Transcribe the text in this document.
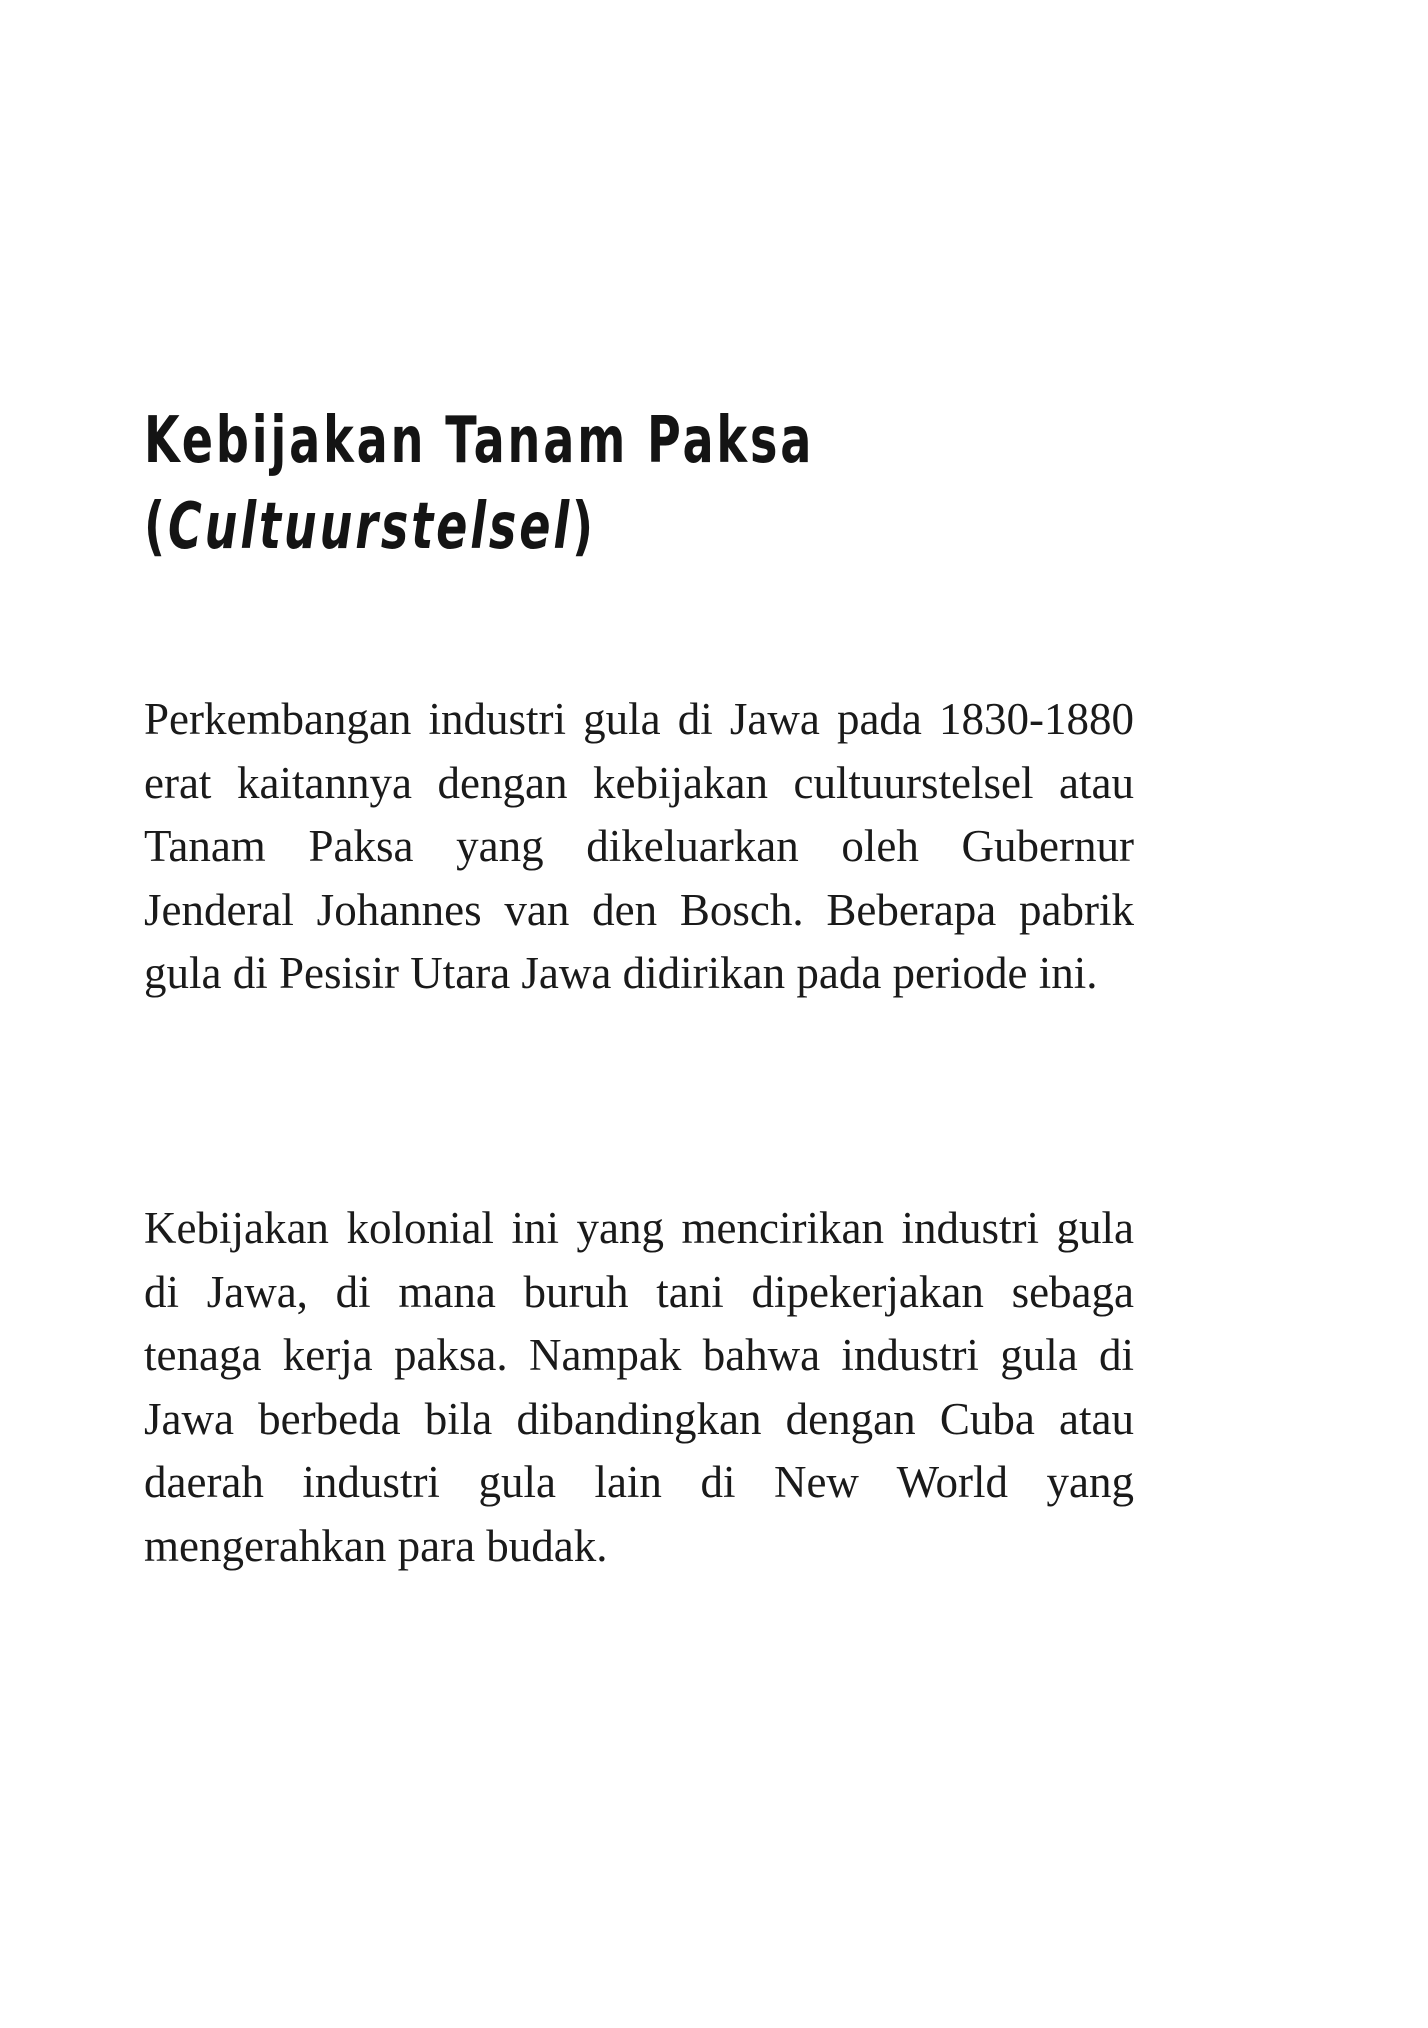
Kebijakan Tanam Paksa
(Cultuurstelsel)

Perkembangan industri gula di Jawa pada 1830-1880 erat kaitannya dengan kebijakan cultuurstelsel atau Tanam Paksa yang dikeluarkan oleh Gubernur Jenderal Johannes van den Bosch. Beberapa pabrik gula di Pesisir Utara Jawa didirikan pada periode ini.

Kebijakan kolonial ini yang mencirikan industri gula di Jawa, di mana buruh tani dipekerjakan sebaga tenaga kerja paksa. Nampak bahwa industri gula di Jawa berbeda bila dibandingkan dengan Cuba atau daerah industri gula lain di New World yang mengerahkan para budak.
